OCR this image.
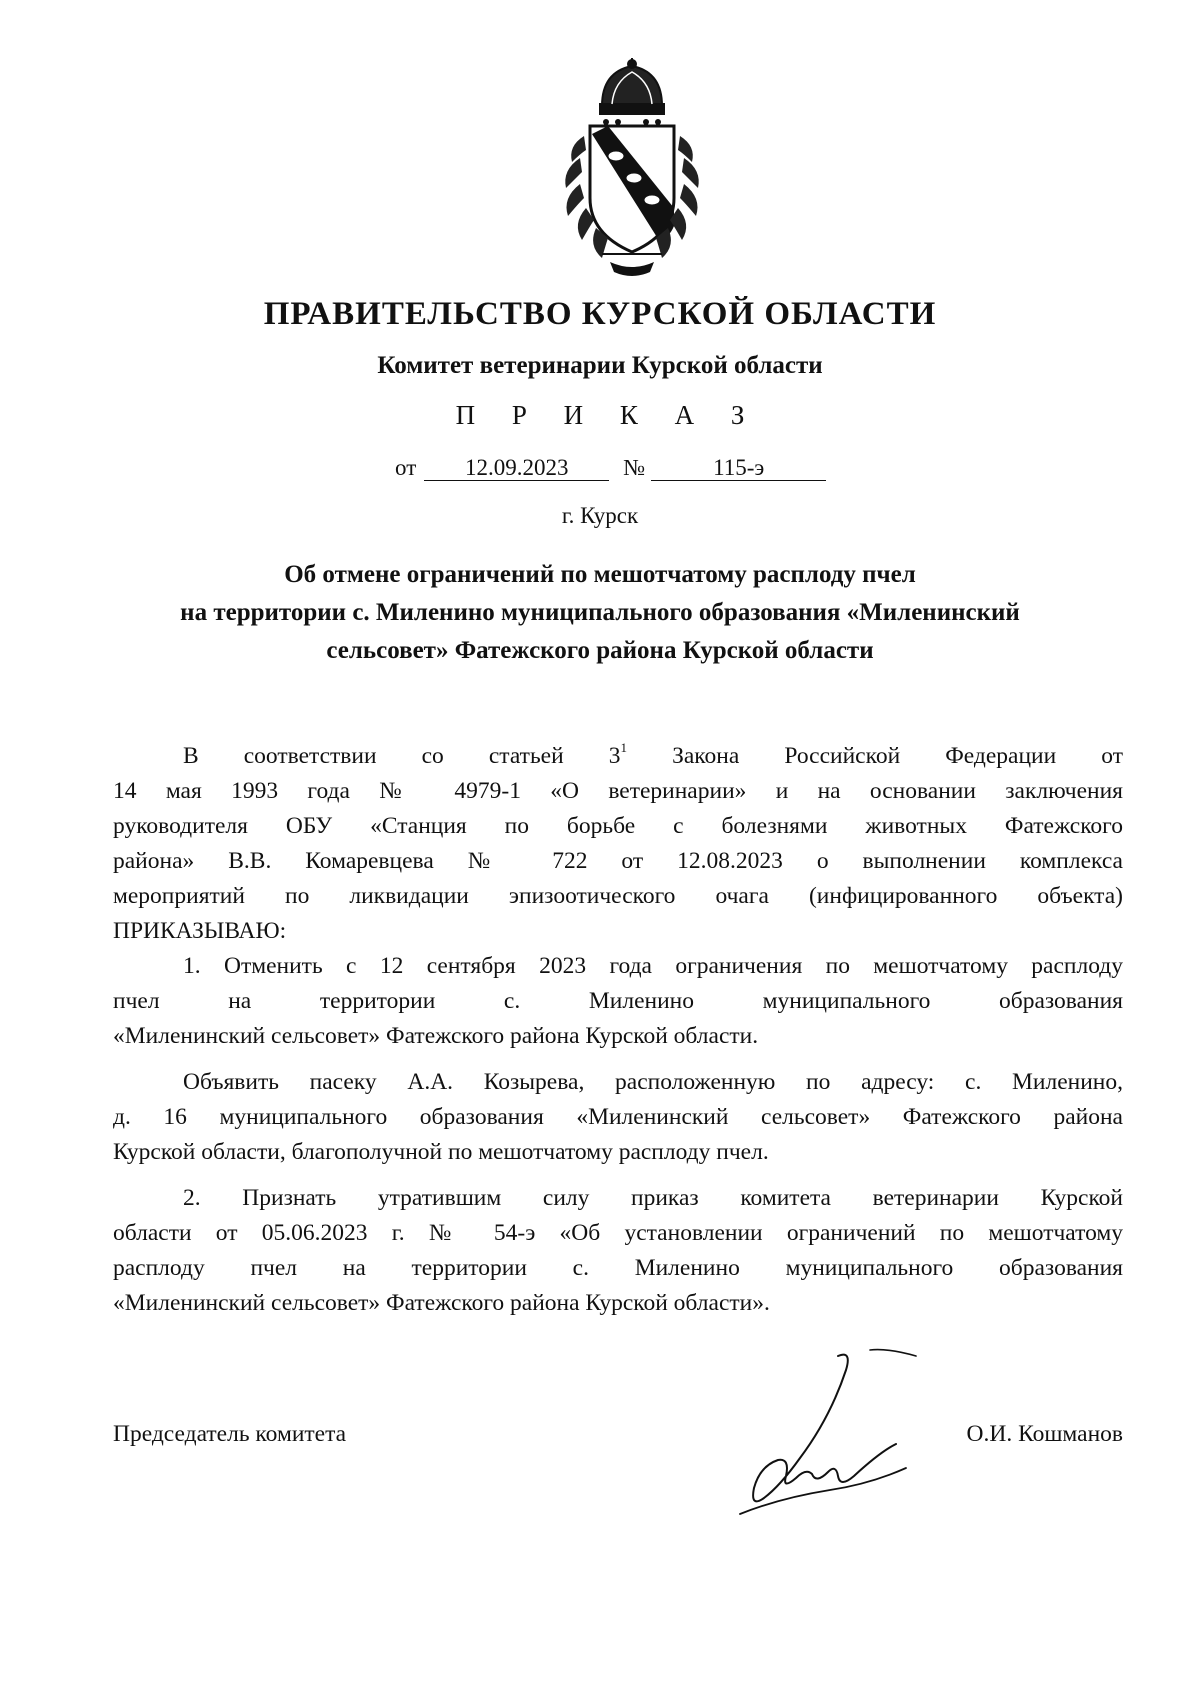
ПРАВИТЕЛЬСТВО КУРСКОЙ ОБЛАСТИ
Комитет ветеринарии Курской области
П Р И К А З
от 12.09.2023 №	115-э
г. Курск
Об отмене ограничений по мешотчатому расплоду пчел
на территории с. Миленино муниципального образования «Миленинский
сельсовет» Фатежского района Курской области
В соответствии со статьей $3^1$ Закона Российской Федерации от
14 мая 1993 года № 4979-1 «О ветеринарии» и на основании заключения
руководителя ОБУ «Станция по борьбе с болезнями животных Фатежского
района» В.В. Комаревцева № 722 от 12.08.2023 о выполнении комплекса
мероприятий по ликвидации эпизоотического очага (инфицированного объекта)
ПРИКАЗЫВАЮ:
1. Отменить с 12 сентября 2023 года ограничения по мешотчатому расплоду
пчел на территории с. Миленино муниципального образования
«Миленинский сельсовет» Фатежского района Курской области.
Объявить пасеку А.А. Козырева, расположенную по адресу: с. Миленино,
д. 16 муниципального образования «Миленинский сельсовет» Фатежского района
Курской области, благополучной по мешотчатому расплоду пчел.
2. Признать утратившим силу приказ комитета ветеринарии Курской
области от 05.06.2023 г. № 54-э «Об установлении ограничений по мешотчатому
расплоду пчел на территории с. Миленино муниципального образования
«Миленинский сельсовет» Фатежского района Курской области».
Председатель комитета	О.И. Кошманов
